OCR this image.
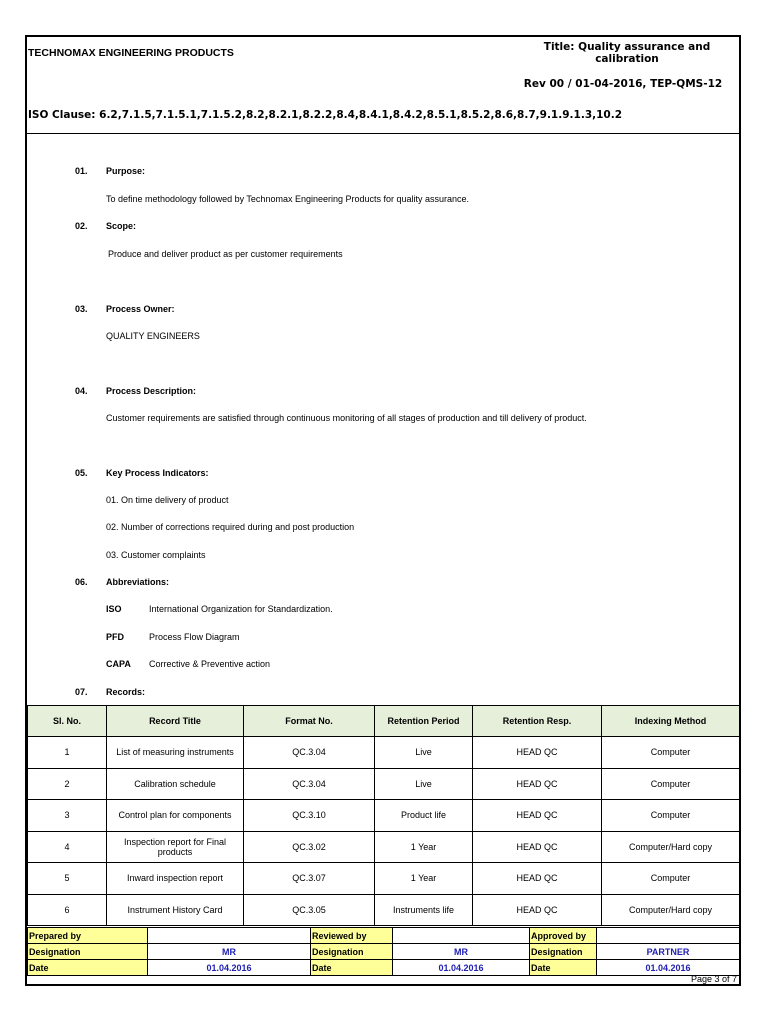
TECHNOMAX ENGINEERING PRODUCTS	Title: Quality assurance and
calibration
Rev 00 / 01-04-2016, TEP-QMS-12
ISO Clause: 6.2,7.1.5,7.1.5.1,7.1.5.2,8.2,8.2.1,8.2.2,8.4,8.4.1,8.4.2,8.5.1,8.5.2,8.6,8.7,9.1.9.1.3,10.2
01. Purpose:
To define methodology followed by Technomax Engineering Products for quality assurance.
02. Scope:
Produce and deliver product as per customer requirements
03. Process Owner:
QUALITY ENGINEERS
04. Process Description:
Customer requirements are satisfied through continuous monitoring of all stages of production and till delivery of product.
05. Key Process Indicators:
01. On time delivery of product
02. Number of corrections required during and post production
03. Customer complaints
06. Abbreviations:
ISO	International Organization for Standardization.
PFD	Process Flow Diagram
CAPA Corrective & Preventive action
07. Records:
Sl. No.	Record Title	Format No.	Retention Period	Retention Resp.	Indexing Method
1	List of measuring instruments	QC.3.04	Live	HEAD QC	Computer
2	Calibration schedule	QC.3.04	Live	HEAD QC	Computer
3	Control plan for components	QC.3.10	Product life	HEAD QC	Computer
4	Inspection report for Final products	QC.3.02	1 Year	HEAD QC	Computer/Hard copy
5	Inward inspection report	QC.3.07	1 Year	HEAD QC	Computer
6	Instrument History Card	QC.3.05	Instruments life	HEAD QC	Computer/Hard copy
Prepared by		Reviewed by		Approved by	
Designation	MR	Designation	MR	Designation	PARTNER
Date	01.04.2016	Date	01.04.2016	Date	01.04.2016
Page 3 of 7
